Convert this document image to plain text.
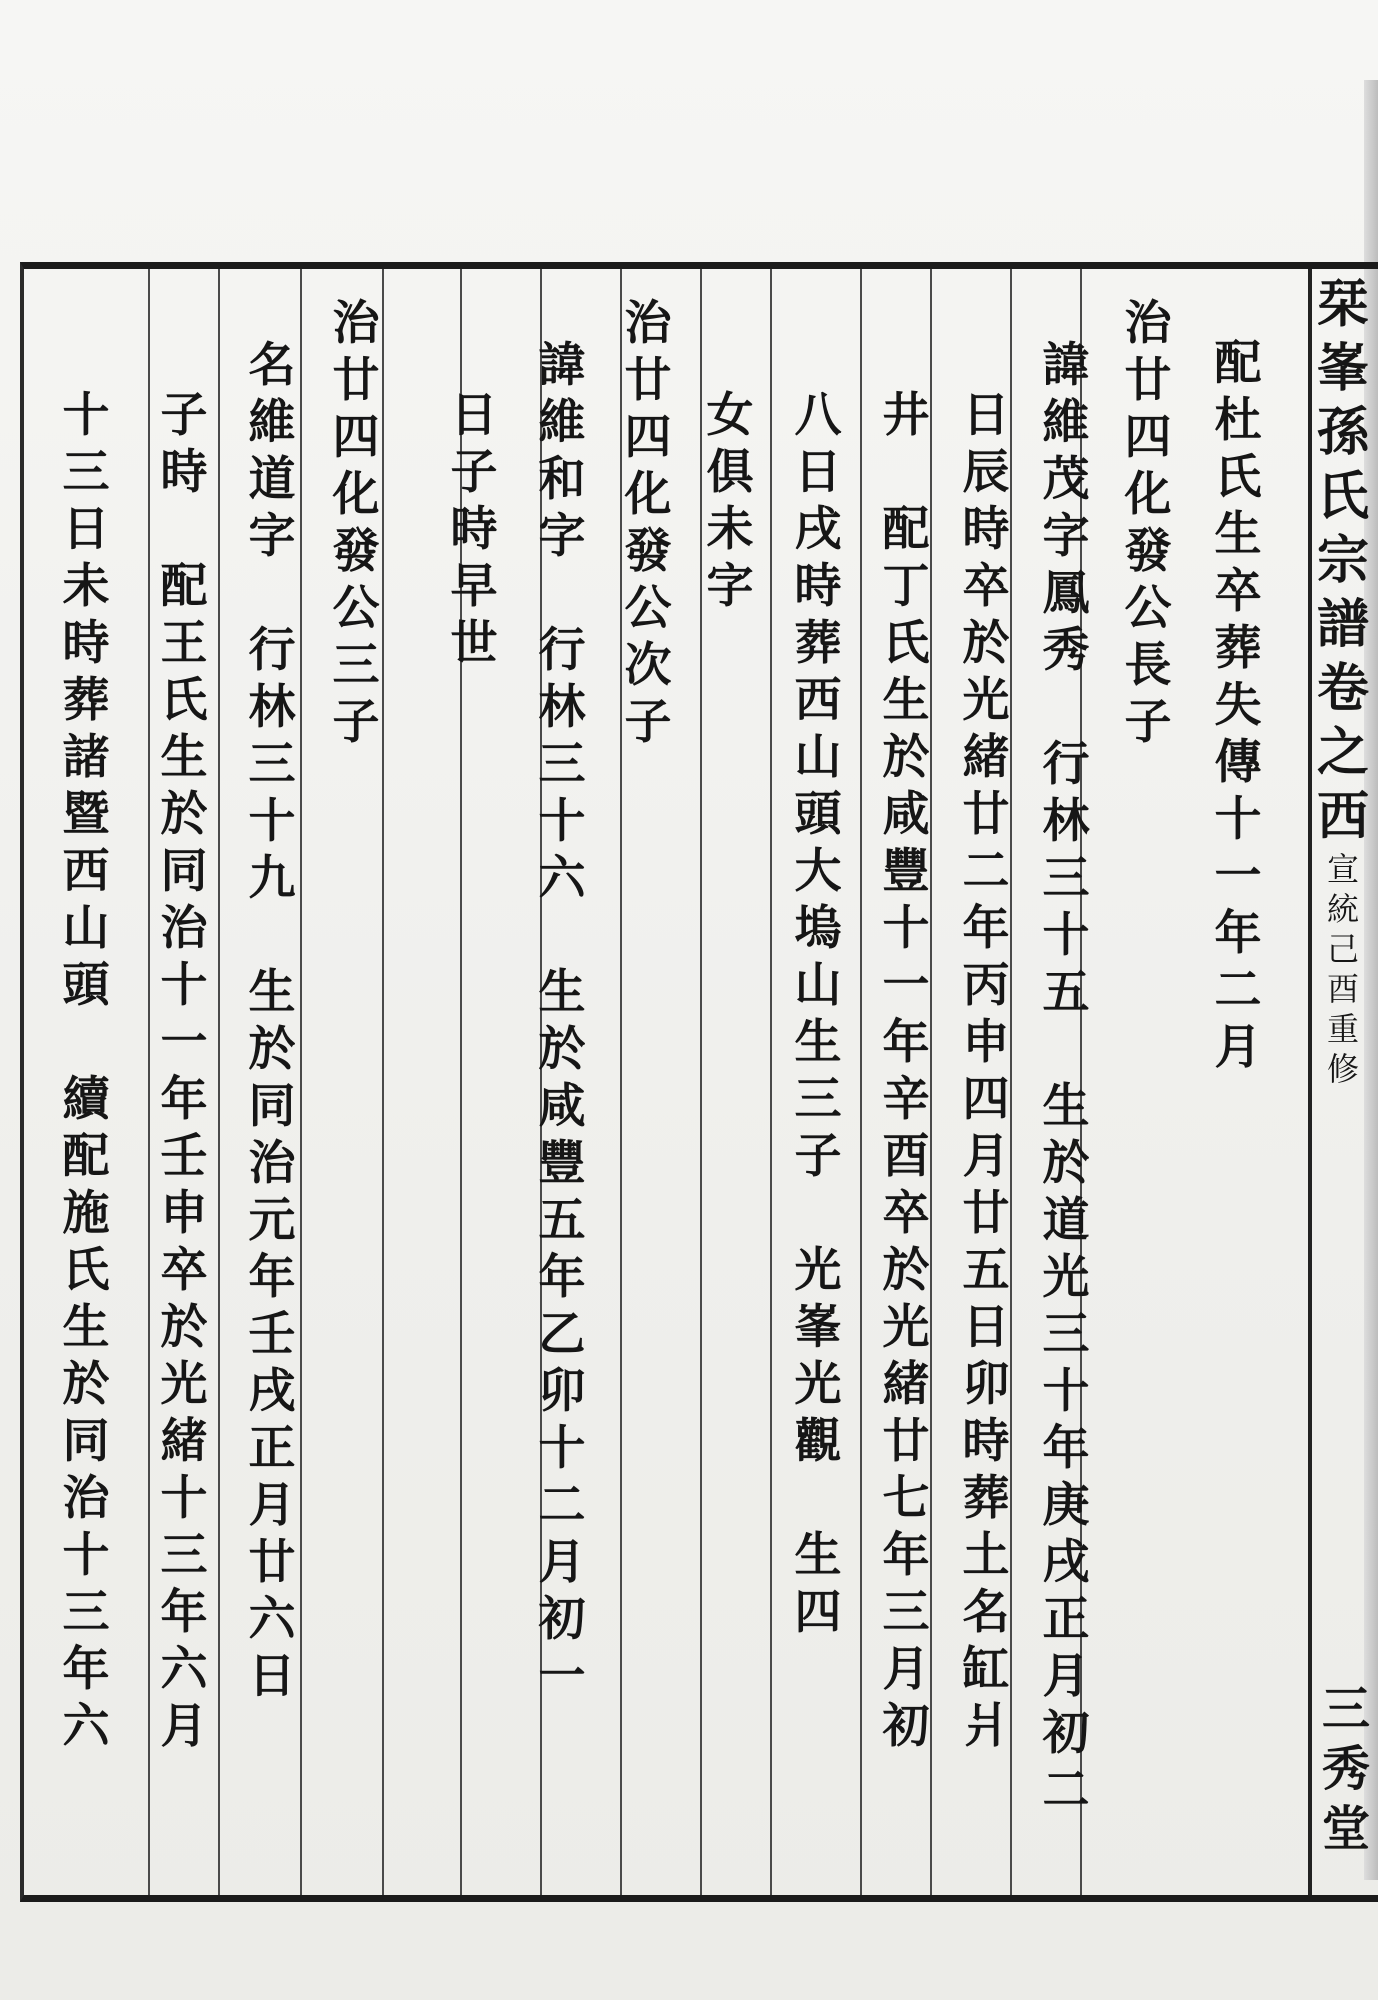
栞
峯
孫
氏
宗
譜
卷
之
西
宣
統
己
酉
重
修
三
秀
堂
配
杜
氏
生
卒
葬
失
傳
十
一
年
二
月
治
廿
四
化
發
公
長
子
諱
維
茂
字
鳳
秀
行
林
三
十
五
生
於
道
光
三
十
年
庚
戌
正
月
初
二
日
辰
時
卒
於
光
緒
廿
二
年
丙
申
四
月
廿
五
日
卯
時
葬
土
名
缸
爿
井
配
丁
氏
生
於
咸
豐
十
一
年
辛
酉
卒
於
光
緒
廿
七
年
三
月
初
八
日
戌
時
葬
西
山
頭
大
塢
山
生
三
子
光
峯
光
觀
生
四
女
俱
未
字
治
廿
四
化
發
公
次
子
諱
維
和
字
行
林
三
十
六
生
於
咸
豐
五
年
乙
卯
十
二
月
初
一
日
子
時
早
世
治
廿
四
化
發
公
三
子
名
維
道
字
行
林
三
十
九
生
於
同
治
元
年
壬
戌
正
月
廿
六
日
子
時
配
王
氏
生
於
同
治
十
一
年
壬
申
卒
於
光
緒
十
三
年
六
月
十
三
日
未
時
葬
諸
暨
西
山
頭
續
配
施
氏
生
於
同
治
十
三
年
六
